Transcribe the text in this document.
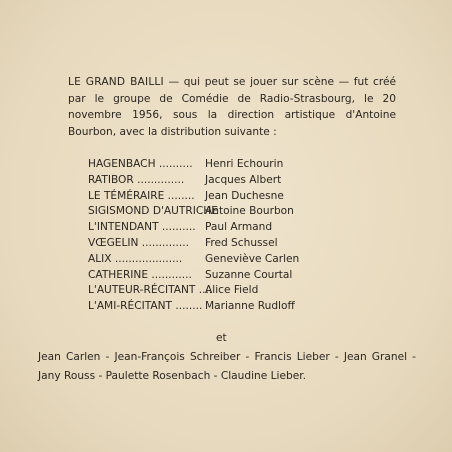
LE GRAND BAILLI — qui peut se jouer sur scène — fut créé par le groupe de Comédie de Radio-Strasbourg, le 20 novembre 1956, sous la direction artistique d'Antoine Bourbon, avec la distribution suivante :

HAGENBACH .......... Henri Echourin
RATIBOR .............. Jacques Albert
LE TÉMÉRAIRE ........ Jean Duchesne
SIGISMOND D'AUTRICHE
Antoine Bourbon
L'INTENDANT .......... Paul Armand
VŒGELIN .............. Fred Schussel
ALIX .................... Geneviève Carlen
CATHERINE ............ Suzanne Courtal
L'AUTEUR-RÉCITANT ....
Alice Field
L'AMI-RÉCITANT ........ Marianne Rudloff
et

Jean Carlen - Jean-François Schreiber - Francis Lieber - Jean Granel - Jany Rouss - Paulette Rosenbach - Claudine Lieber.
